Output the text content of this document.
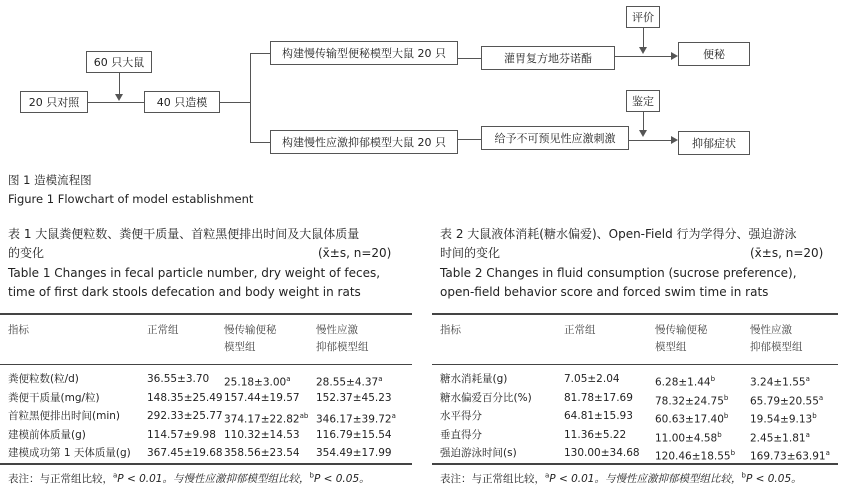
60 只大鼠
20 只对照	40 只造模
构建慢传输型便秘模型大鼠 20 只
构建慢性应激抑郁模型大鼠 20 只
灌胃复方地芬诺酯
给予不可预见性应激刺激
评价
鉴定
便秘
抑郁症状
图 1 造模流程图
Figure 1 Flowchart of model establishment
表 1 大鼠粪便粒数、粪便干质量、首粒黑便排出时间及大鼠体质量
的变化	(x̄±s, n=20)
Table 1 Changes in fecal particle number, dry weight of feces,
time of first dark stools defecation and body weight in rats
指标	正常组	慢传输便秘
模型组
慢性应激
抑郁模型组
粪便粒数(粒/d)	36.55±3.70 25.18±3.00$^a$ 28.55±4.37$^a$
粪便干质量(mg/粒)	148.35±25.49 157.44±19.57 152.37±45.23
首粒黑便排出时间(min)	292.33±25.77 374.17±22.82$^{ab}$ 346.17±39.72$^a$
建模前体质量(g)	114.57±9.98 110.32±14.53 116.79±15.54
建模成功第 1 天体质量(g) 367.45±19.68 358.56±23.54 354.49±17.99
表注：与正常组比较，$^a$P < 0.01。与慢性应激抑郁模型组比较，$^b$P < 0.05。
表 2 大鼠液体消耗(糖水偏爱)、Open-Field 行为学得分、强迫游泳
时间的变化	(x̄±s, n=20)
Table 2 Changes in fluid consumption (sucrose preference),
open-field behavior score and forced swim time in rats
指标	正常组	慢传输便秘
模型组
慢性应激
抑郁模型组
糖水消耗量(g)	7.05±2.04	6.28±1.44$^b$	3.24±1.55$^a$
糖水偏爱百分比(%)	81.78±17.69 78.32±24.75$^b$ 65.79±20.55$^a$
水平得分	64.81±15.93 60.63±17.40$^b$ 19.54±9.13$^b$
垂直得分	11.36±5.22	11.00±4.58$^b$	2.45±1.81$^a$
强迫游泳时间(s)	130.00±34.68 120.46±18.55$^b$ 169.73±63.91$^a$
表注：与正常组比较，$^a$P < 0.01。与慢性应激抑郁模型组比较，$^b$P < 0.05。
